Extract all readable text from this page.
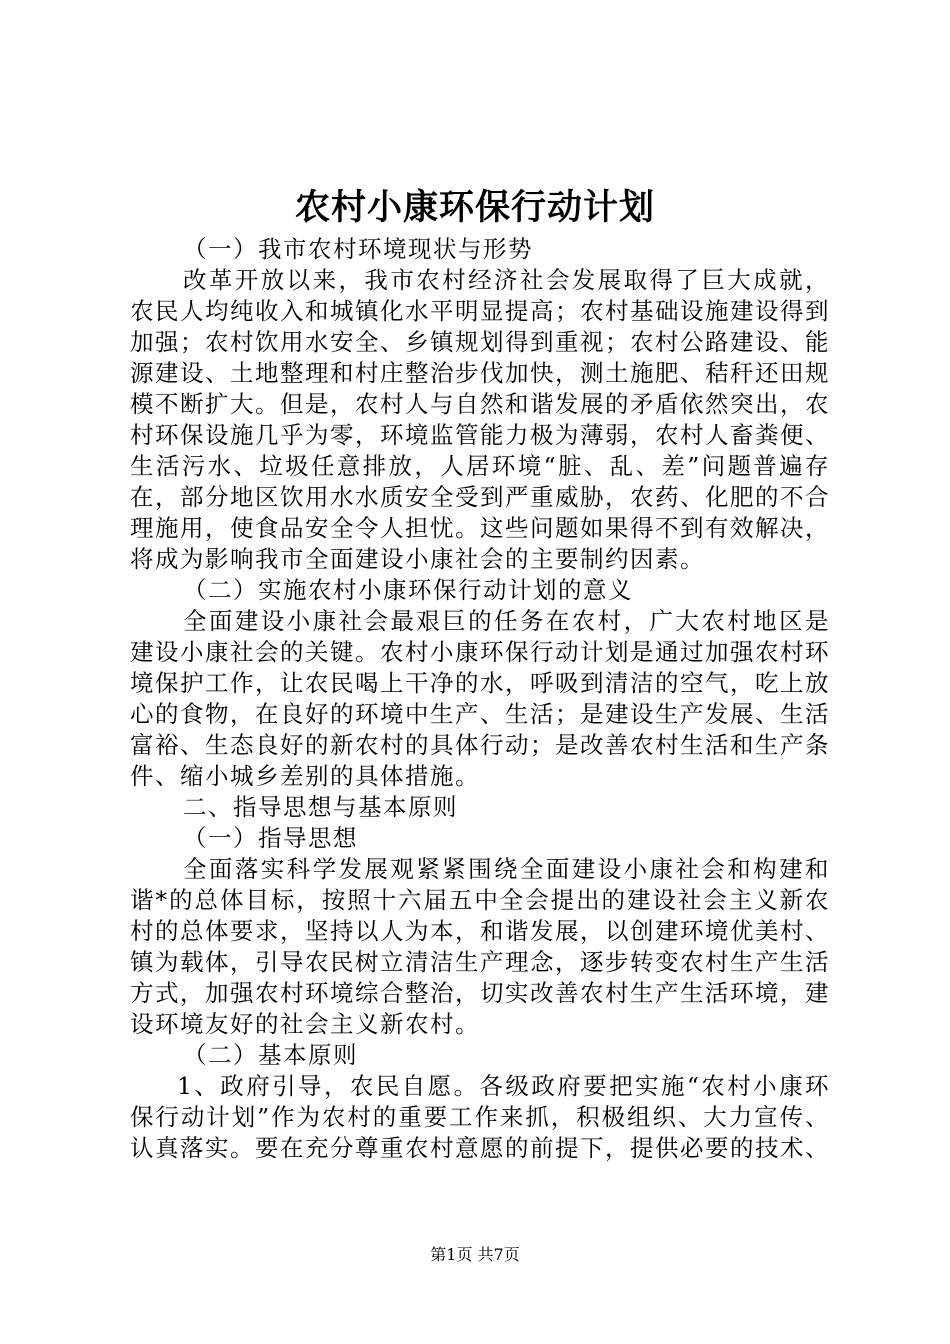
农村小康环保行动计划

（一）我市农村环境现状与形势

改革开放以来，我市农村经济社会发展取得了巨大成就，农民人均纯收入和城镇化水平明显提高；农村基础设施建设得到加强；农村饮用水安全、乡镇规划得到重视；农村公路建设、能源建设、土地整理和村庄整治步伐加快，测土施肥、秸秆还田规模不断扩大。但是，农村人与自然和谐发展的矛盾依然突出，农村环保设施几乎为零，环境监管能力极为薄弱，农村人畜粪便、生活污水、垃圾任意排放，人居环境“脏、乱、差”问题普遍存在，部分地区饮用水水质安全受到严重威胁，农药、化肥的不合理施用，使食品安全令人担忧。这些问题如果得不到有效解决，将成为影响我市全面建设小康社会的主要制约因素。

（二）实施农村小康环保行动计划的意义

全面建设小康社会最艰巨的任务在农村，广大农村地区是建设小康社会的关键。农村小康环保行动计划是通过加强农村环境保护工作，让农民喝上干净的水，呼吸到清洁的空气，吃上放心的食物，在良好的环境中生产、生活；是建设生产发展、生活富裕、生态良好的新农村的具体行动；是改善农村生活和生产条件、缩小城乡差别的具体措施。

二、指导思想与基本原则

（一）指导思想

全面落实科学发展观紧紧围绕全面建设小康社会和构建和谐*的总体目标，按照十六届五中全会提出的建设社会主义新农村的总体要求，坚持以人为本，和谐发展，以创建环境优美村、镇为载体，引导农民树立清洁生产理念，逐步转变农村生产生活方式，加强农村环境综合整治，切实改善农村生产生活环境，建设环境友好的社会主义新农村。

（二）基本原则

1、政府引导，农民自愿。各级政府要把实施“农村小康环保行动计划”作为农村的重要工作来抓，积极组织、大力宣传、认真落实。要在充分尊重农村意愿的前提下，提供必要的技术、

第1页 共7页
